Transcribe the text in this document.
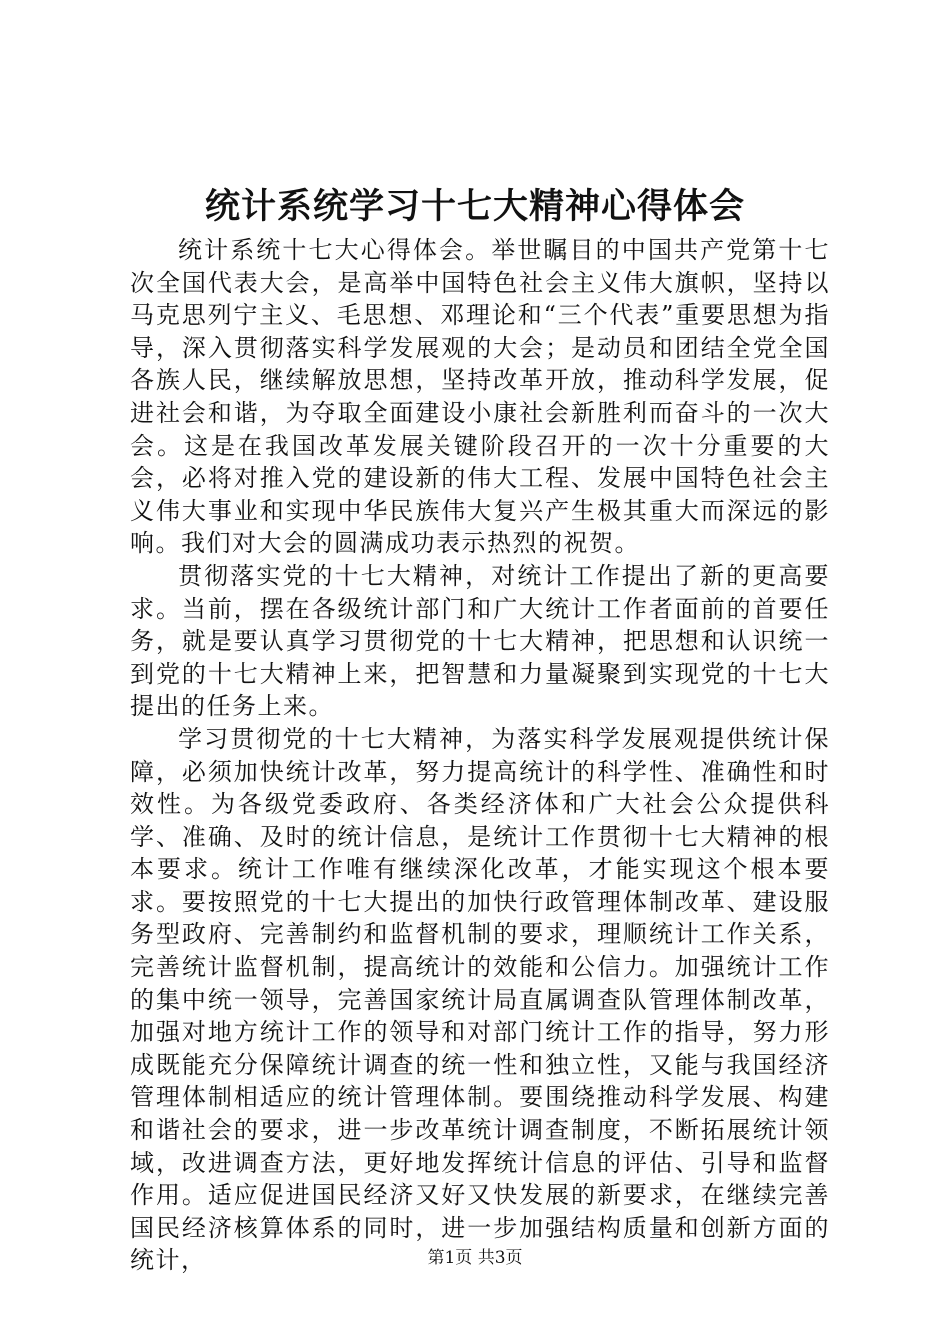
统计系统学习十七大精神心得体会

统计系统十七大心得体会。举世瞩目的中国共产党第十七次全国代表大会，是高举中国特色社会主义伟大旗帜，坚持以马克思列宁主义、毛思想、邓理论和“三个代表”重要思想为指导，深入贯彻落实科学发展观的大会；是动员和团结全党全国各族人民，继续解放思想，坚持改革开放，推动科学发展，促进社会和谐，为夺取全面建设小康社会新胜利而奋斗的一次大会。这是在我国改革发展关键阶段召开的一次十分重要的大会，必将对推入党的建设新的伟大工程、发展中国特色社会主义伟大事业和实现中华民族伟大复兴产生极其重大而深远的影响。我们对大会的圆满成功表示热烈的祝贺。

贯彻落实党的十七大精神，对统计工作提出了新的更高要求。当前，摆在各级统计部门和广大统计工作者面前的首要任务，就是要认真学习贯彻党的十七大精神，把思想和认识统一到党的十七大精神上来，把智慧和力量凝聚到实现党的十七大提出的任务上来。

学习贯彻党的十七大精神，为落实科学发展观提供统计保障，必须加快统计改革，努力提高统计的科学性、准确性和时效性。为各级党委政府、各类经济体和广大社会公众提供科学、准确、及时的统计信息，是统计工作贯彻十七大精神的根本要求。统计工作唯有继续深化改革，才能实现这个根本要求。要按照党的十七大提出的加快行政管理体制改革、建设服务型政府、完善制约和监督机制的要求，理顺统计工作关系，完善统计监督机制，提高统计的效能和公信力。加强统计工作的集中统一领导，完善国家统计局直属调查队管理体制改革，加强对地方统计工作的领导和对部门统计工作的指导，努力形成既能充分保障统计调查的统一性和独立性，又能与我国经济管理体制相适应的统计管理体制。要围绕推动科学发展、构建和谐社会的要求，进一步改革统计调查制度，不断拓展统计领域，改进调查方法，更好地发挥统计信息的评估、引导和监督作用。适应促进国民经济又好又快发展的新要求，在继续完善国民经济核算体系的同时，进一步加强结构质量和创新方面的统计，	第1页 共3页
